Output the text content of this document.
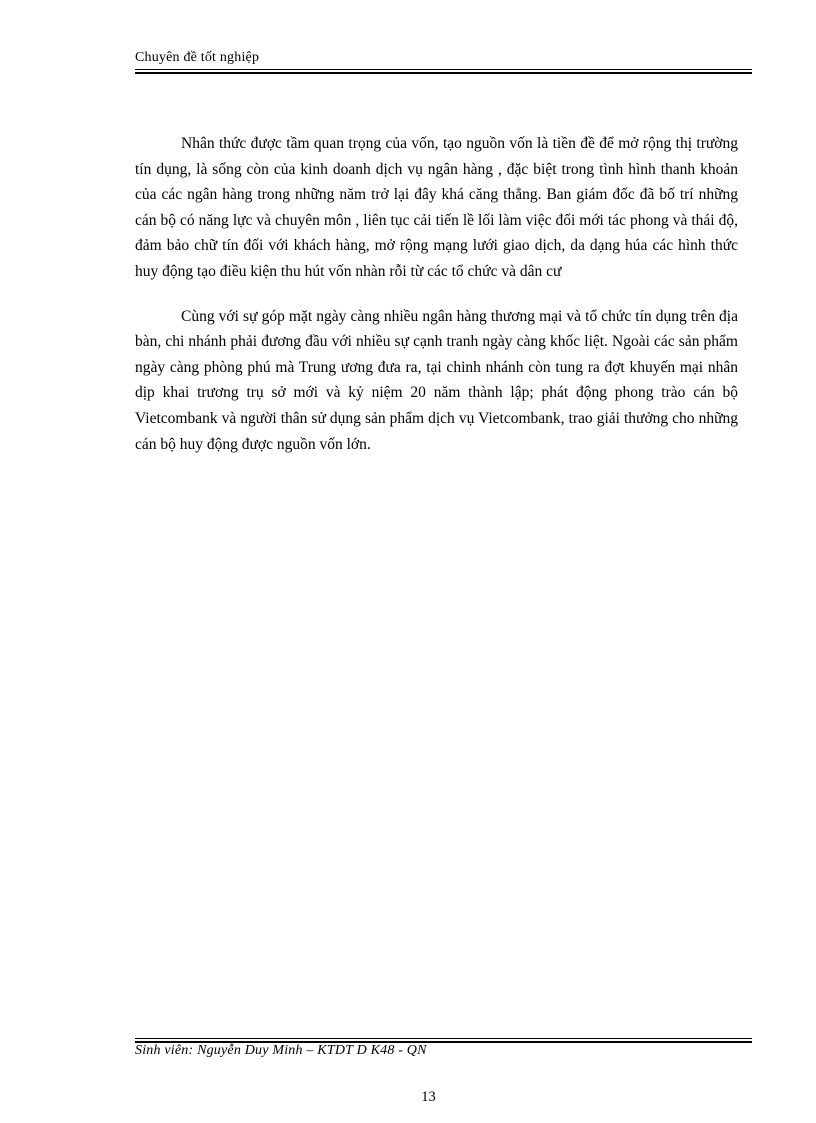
Chuyên đề tốt nghiệp

Nhân thức được tầm quan trọng của vốn, tạo nguồn vốn là tiền đề để mở rộng thị trường tín dụng, là sống còn của kinh doanh dịch vụ ngân hàng , đặc biệt trong tình hình thanh khoản của các ngân hàng trong những năm trở lại đây khá căng thẳng. Ban giám đốc đã bố trí những cán bộ có năng lực và chuyên môn , liên tục cải tiến lề lối làm việc đổi mới tác phong và thái độ, đảm bảo chữ tín đối với khách hàng, mở rộng mạng lưới giao dịch, da dạng húa các hình thức huy động tạo điều kiện thu hút vốn nhàn rỗi từ các tổ chức và dân cư

Cùng với sự góp mặt ngày càng nhiều ngân hàng thương mại và tổ chức tín dụng trên địa bàn, chi nhánh phải đương đầu với nhiều sự cạnh tranh ngày càng khốc liệt. Ngoài các sản phẩm ngày càng phòng phú mà Trung ương đưa ra, tại chinh nhánh còn tung ra đợt khuyến mại nhân dịp khai trương trụ sở mới và kỷ niệm 20 năm thành lập; phát động phong trào cán bộ Vietcombank và người thân sử dụng sản phẩm dịch vụ Vietcombank, trao giải thưởng cho những cán bộ huy động được nguồn vốn lớn.

Sinh viên: Nguyễn Duy Minh – KTDT D K48 - QN
13
